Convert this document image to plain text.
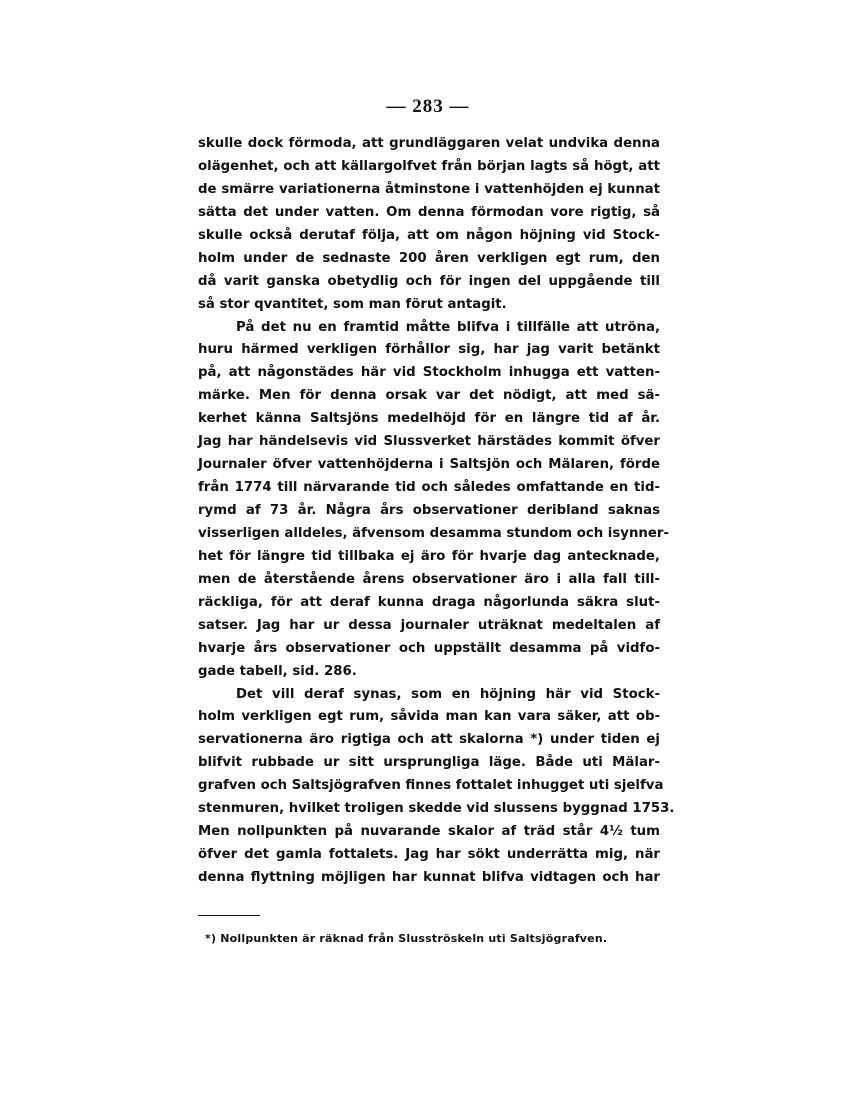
— 283 —
skulle dock förmoda, att grundläggaren velat undvika denna
olägenhet, och att källargolfvet från början lagts så högt, att
de smärre variationerna åtminstone i vattenhöjden ej kunnat
sätta det under vatten. Om denna förmodan vore rigtig, så
skulle också derutaf följa, att om någon höjning vid Stock-
holm under de sednaste 200 åren verkligen egt rum, den
då varit ganska obetydlig och för ingen del uppgående till
så stor qvantitet, som man förut antagit.
På det nu en framtid måtte blifva i tillfälle att utröna,
huru härmed verkligen förhållor sig, har jag varit betänkt
på, att någonstädes här vid Stockholm inhugga ett vatten-
märke. Men för denna orsak var det nödigt, att med sä-
kerhet känna Saltsjöns medelhöjd för en längre tid af år.
Jag har händelsevis vid Slussverket härstädes kommit öfver
Journaler öfver vattenhöjderna i Saltsjön och Mälaren, förde
från 1774 till närvarande tid och således omfattande en tid-
rymd af 73 år. Några års observationer deribland saknas
visserligen alldeles, äfvensom desamma stundom och isynner-
het för längre tid tillbaka ej äro för hvarje dag antecknade,
men de återstående årens observationer äro i alla fall till-
räckliga, för att deraf kunna draga någorlunda säkra slut-
satser. Jag har ur dessa journaler uträknat medeltalen af
hvarje års observationer och uppställt desamma på vidfo-
gade tabell, sid. 286.
Det vill deraf synas, som en höjning här vid Stock-
holm verkligen egt rum, såvida man kan vara säker, att ob-
servationerna äro rigtiga och att skalorna *) under tiden ej
blifvit rubbade ur sitt ursprungliga läge. Både uti Mälar-
grafven och Saltsjögrafven finnes fottalet inhugget uti sjelfva
stenmuren, hvilket troligen skedde vid slussens byggnad 1753.
Men nollpunkten på nuvarande skalor af träd står 4½ tum
öfver det gamla fottalets. Jag har sökt underrätta mig, när
denna flyttning möjligen har kunnat blifva vidtagen och har
*) Nollpunkten är räknad från Slusströskeln uti Saltsjögrafven.
